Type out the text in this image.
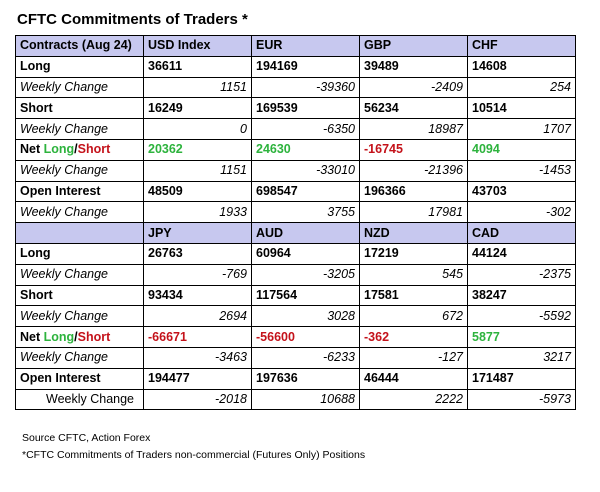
CFTC Commitments of Traders *
Contracts (Aug 24)	USD Index	EUR	GBP	CHF
Long	36611	194169	39489	14608
Weekly Change	1151	-39360	-2409	254
Short	16249	169539	56234	10514
Weekly Change	0	-6350	18987	1707
Net Long/Short	20362	24630	-16745	4094
Weekly Change	1151	-33010	-21396	-1453
Open Interest	48509	698547	196366	43703
Weekly Change	1933	3755	17981	-302
	JPY	AUD	NZD	CAD
Long	26763	60964	17219	44124
Weekly Change	-769	-3205	545	-2375
Short	93434	117564	17581	38247
Weekly Change	2694	3028	672	-5592
Net Long/Short	-66671	-56600	-362	5877
Weekly Change	-3463	-6233	-127	3217
Open Interest	194477	197636	46444	171487
Weekly Change	-2018	10688	2222	-5973
Source CFTC, Action Forex
*CFTC Commitments of Traders non-commercial (Futures Only) Positions
